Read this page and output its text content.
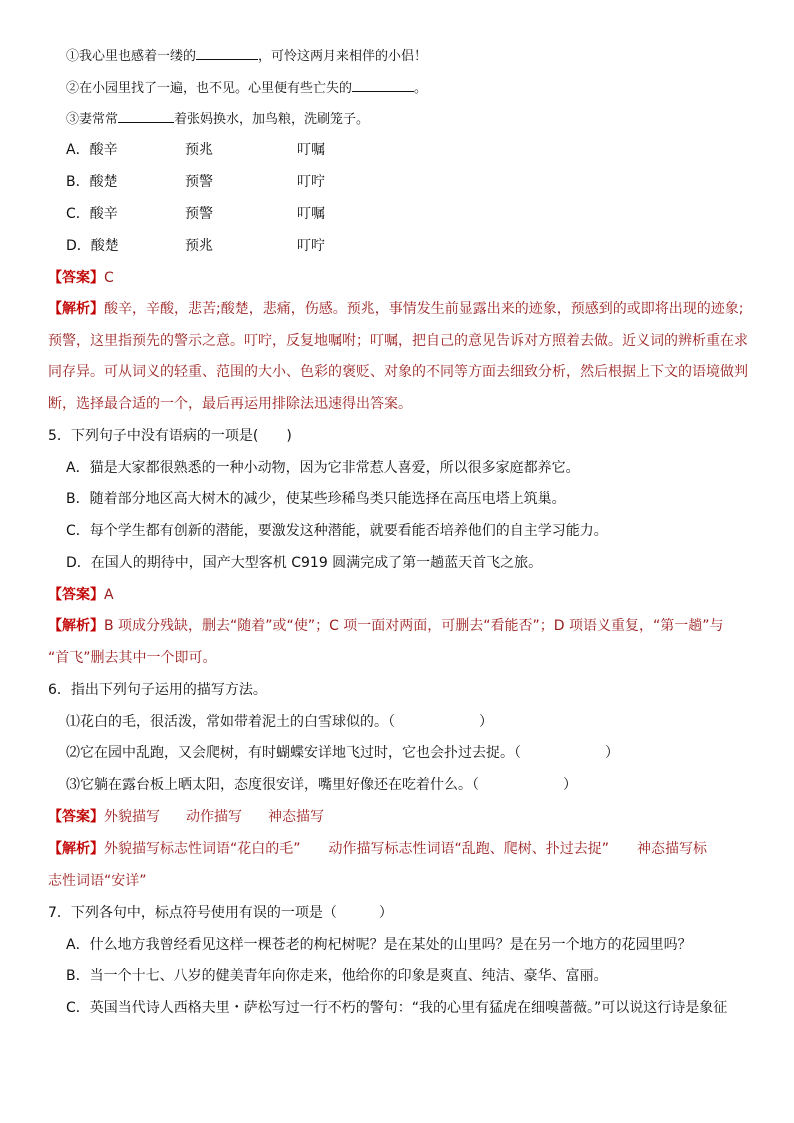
①我心里也感着一缕的	，可怜这两月来相伴的小侣！
②在小园里找了一遍，也不见。心里便有些亡失的	。
③妻常常	着张妈换水，加鸟粮，洗刷笼子。
A．酸辛	预兆	叮嘱
B．酸楚	预警	叮咛
C．酸辛	预警	叮嘱
D．酸楚	预兆	叮咛
【答案】C
【解析】酸辛，辛酸，悲苦;酸楚，悲痛，伤感。预兆，事情发生前显露出来的迹象，预感到的或即将出现的迹象;
预警，这里指预先的警示之意。叮咛，反复地嘱咐；叮嘱，把自己的意见告诉对方照着去做。近义词的辨析重在求
同存异。可从词义的轻重、范围的大小、色彩的褒贬、对象的不同等方面去细致分析，然后根据上下文的语境做判
断，选择最合适的一个，最后再运用排除法迅速得出答案。
5．下列句子中没有语病的一项是(　　)
A．猫是大家都很熟悉的一种小动物，因为它非常惹人喜爱，所以很多家庭都养它。
B．随着部分地区高大树木的减少，使某些珍稀鸟类只能选择在高压电塔上筑巢。
C．每个学生都有创新的潜能，要激发这种潜能，就要看能否培养他们的自主学习能力。
D．在国人的期待中，国产大型客机 C919 圆满完成了第一趟蓝天首飞之旅。
【答案】A
【解析】B 项成分残缺，删去“随着”或“使”；C 项一面对两面，可删去“看能否”；D 项语义重复，“第一趟”与
“首飞”删去其中一个即可。
6．指出下列句子运用的描写方法。
⑴花白的毛，很活泼，常如带着泥土的白雪球似的。（	）
⑵它在园中乱跑，又会爬树，有时蝴蝶安详地飞过时，它也会扑过去捉。（	）
⑶它躺在露台板上晒太阳，态度很安详，嘴里好像还在吃着什么。（	）
【答案】外貌描写 动作描写 神态描写
【解析】外貌描写标志性词语“花白的毛” 动作描写标志性词语“乱跑、爬树、扑过去捉” 神态描写标
志性词语“安详”
7．下列各句中，标点符号使用有误的一项是（　　　）
A．什么地方我曾经看见这样一棵苍老的枸杞树呢？是在某处的山里吗？是在另一个地方的花园里吗？
B．当一个十七、八岁的健美青年向你走来，他给你的印象是爽直、纯洁、豪华、富丽。
C．英国当代诗人西格夫里・萨松写过一行不朽的警句：“我的心里有猛虎在细嗅蔷薇。”可以说这行诗是象征
